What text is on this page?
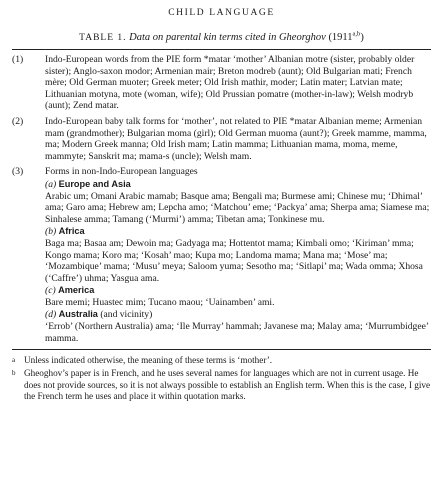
CHILD LANGUAGE
TABLE 1. Data on parental kin terms cited in Gheorghov (1911$^{a,b}$)
(1)	Indo-European words from the PIE form *matar ‘mother’ Albanian motre (sister, probably older sister); Anglo-saxon modor; Armenian mair; Breton modreb (aunt); Old Bulgarian mati; French mère; Old German muoter; Greek meter; Old Irish mathir, moder; Latin mater; Latvian mate; Lithuanian motyna, mote (woman, wife); Old Prussian pomatre (mother-in-law); Welsh modryb (aunt); Zend matar.

(2)	Indo-European baby talk forms for ‘mother’, not related to PIE *matar Albanian meme; Armenian mam (grandmother); Bulgarian moma (girl); Old German muoma (aunt?); Greek mamme, mamma, ma; Modern Greek manna; Old Irish mam; Latin mamma; Lithuanian mama, moma, meme, mammyte; Sanskrit ma; mama-s (uncle); Welsh mam.

(3)	Forms in non-Indo-European languages

(a) Europe and Asia

Arabic um; Omani Arabic mamab; Basque ama; Bengali ma; Burmese ami; Chinese mu; ‘Dhimal’ ama; Garo ama; Hebrew am; Lepcha amo; ‘Matchou’ eme; ‘Packya’ ama; Sherpa ama; Siamese ma; Sinhalese amma; Tamang (‘Murmi’) amma; Tibetan ama; Tonkinese mu.

(b) Africa

Baga ma; Basaa am; Dewoin ma; Gadyaga ma; Hottentot mama; Kimbali omo; ‘Kiriman’ mma; Kongo mama; Koro ma; ‘Kosah’ mao; Kupa mo; Landoma mama; Mana ma; ‘Mose’ ma; ‘Mozambique’ mama; ‘Musu’ meya; Saloom yuma; Sesotho ma; ‘Sitlapi’ ma; Wada omma; Xhosa (‘Caffre’) uhma; Yasgua ama.

(c) America

Bare memi; Huastec mim; Tucano maou; ‘Uainamben’ ami.

(d) Australia (and vicinity)

‘Errob’ (Northern Australia) ama; ‘Ile Murray’ hammah; Javanese ma; Malay ama; ‘Murrumbidgee’ mamma.

a Unless indicated otherwise, the meaning of these terms is ‘mother’.
b Gheoghov’s paper is in French, and he uses several names for languages which are not in current usage. He does not provide sources, so it is not always possible to establish an English term. When this is the case, I give the French term he uses and place it within quotation marks.
